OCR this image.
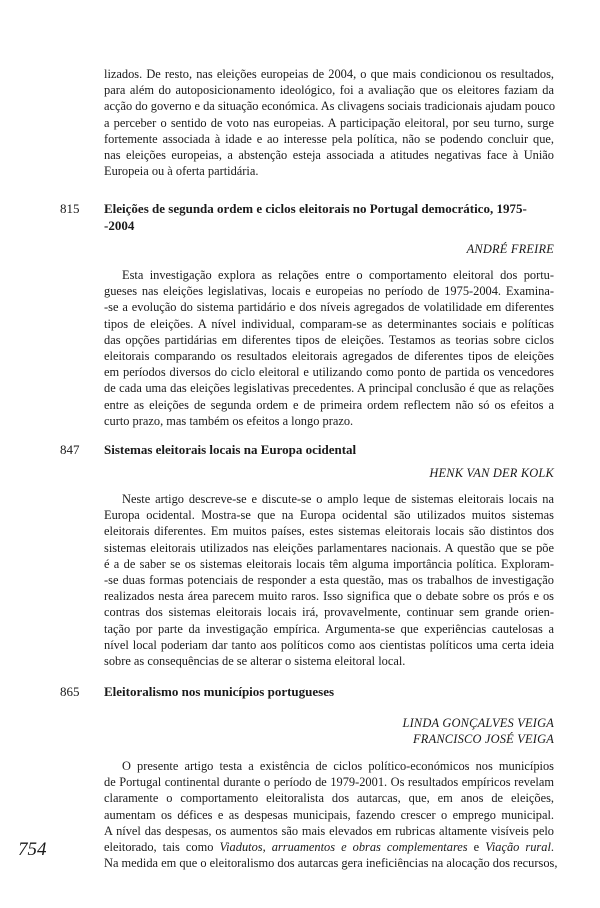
lizados. De resto, nas eleições europeias de 2004, o que mais condicionou os resultados,
para além do autoposicionamento ideológico, foi a avaliação que os eleitores faziam da
acção do governo e da situação económica. As clivagens sociais tradicionais ajudam pouco
a perceber o sentido de voto nas europeias. A participação eleitoral, por seu turno, surge
fortemente associada à idade e ao interesse pela política, não se podendo concluir que,
nas eleições europeias, a abstenção esteja associada a atitudes negativas face à União
Europeia ou à oferta partidária.
815 Eleições de segunda ordem e ciclos eleitorais no Portugal democrático, 1975-
-2004
ANDRÉ FREIRE
Esta investigação explora as relações entre o comportamento eleitoral dos portu-
gueses nas eleições legislativas, locais e europeias no período de 1975-2004. Examina-
-se a evolução do sistema partidário e dos níveis agregados de volatilidade em diferentes
tipos de eleições. A nível individual, comparam-se as determinantes sociais e políticas
das opções partidárias em diferentes tipos de eleições. Testamos as teorias sobre ciclos
eleitorais comparando os resultados eleitorais agregados de diferentes tipos de eleições
em períodos diversos do ciclo eleitoral e utilizando como ponto de partida os vencedores
de cada uma das eleições legislativas precedentes. A principal conclusão é que as relações
entre as eleições de segunda ordem e de primeira ordem reflectem não só os efeitos a
curto prazo, mas também os efeitos a longo prazo.
847 Sistemas eleitorais locais na Europa ocidental
HENK VAN DER KOLK
Neste artigo descreve-se e discute-se o amplo leque de sistemas eleitorais locais na
Europa ocidental. Mostra-se que na Europa ocidental são utilizados muitos sistemas
eleitorais diferentes. Em muitos países, estes sistemas eleitorais locais são distintos dos
sistemas eleitorais utilizados nas eleições parlamentares nacionais. A questão que se põe
é a de saber se os sistemas eleitorais locais têm alguma importância política. Exploram-
-se duas formas potenciais de responder a esta questão, mas os trabalhos de investigação
realizados nesta área parecem muito raros. Isso significa que o debate sobre os prós e os
contras dos sistemas eleitorais locais irá, provavelmente, continuar sem grande orien-
tação por parte da investigação empírica. Argumenta-se que experiências cautelosas a
nível local poderiam dar tanto aos políticos como aos cientistas políticos uma certa ideia
sobre as consequências de se alterar o sistema eleitoral local.
865 Eleitoralismo nos municípios portugueses
LINDA GONÇALVES VEIGA
FRANCISCO JOSÉ VEIGA
O presente artigo testa a existência de ciclos político-económicos nos municípios
de Portugal continental durante o período de 1979-2001. Os resultados empíricos revelam
claramente o comportamento eleitoralista dos autarcas, que, em anos de eleições,
aumentam os défices e as despesas municipais, fazendo crescer o emprego municipal.
A nível das despesas, os aumentos são mais elevados em rubricas altamente visíveis pelo
eleitorado, tais como Viadutos, arruamentos e obras complementares e Viação rural.
Na medida em que o eleitoralismo dos autarcas gera ineficiências na alocação dos recursos,
754
